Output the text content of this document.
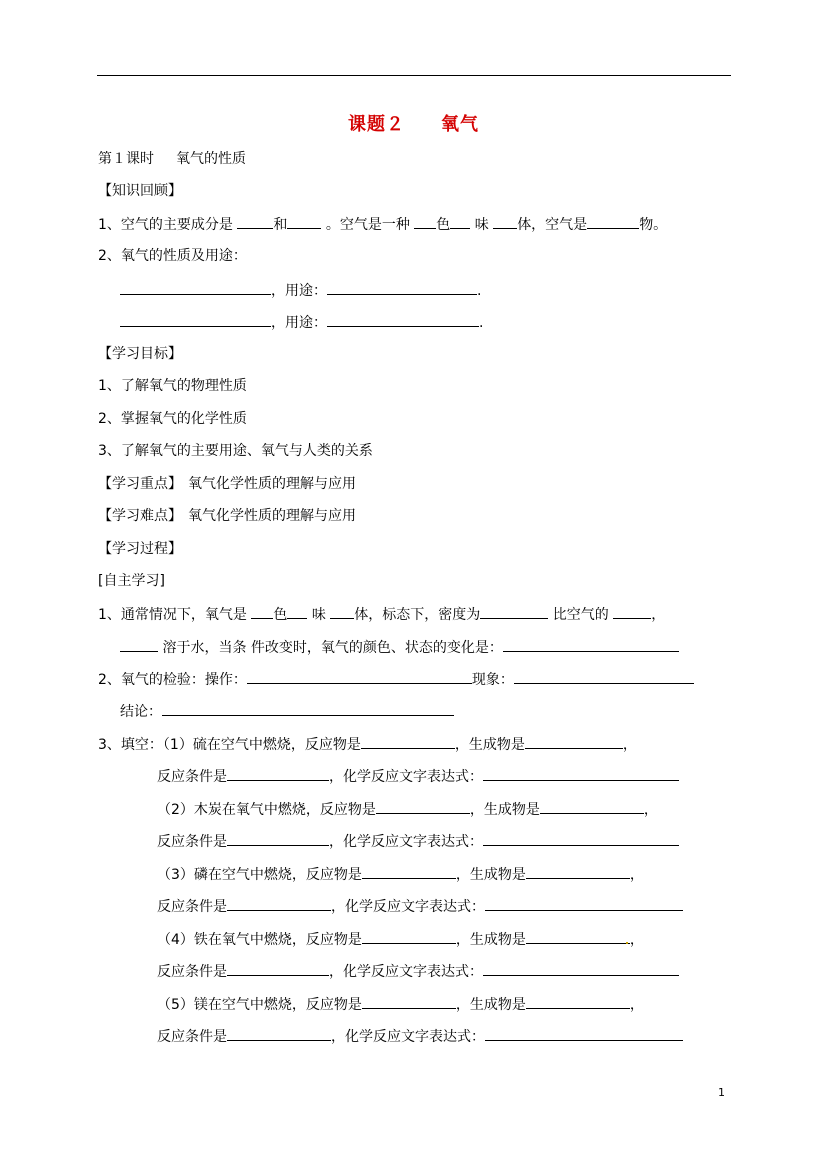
课题２ 氧气
第１课时 氧气的性质
【知识回顾】
1、空气的主要成分是	和	。空气是一种 色 味 体，空气是	物。
2、氧气的性质及用途：
，用途：	.
，用途：	.
【学习目标】
1、了解氧气的物理性质
2、掌握氧气的化学性质
3、了解氧气的主要用途、氧气与人类的关系
【学习重点】 氧气化学性质的理解与应用
【学习难点】 氧气化学性质的理解与应用
【学习过程】
[自主学习]
1、通常情况下，氧气是 色 味 体，标态下，密度为	比空气的	，
溶于水，当条 件改变时，氧气的颜色、状态的变化是：
2、氧气的检验：操作：	现象：
结论：
3、填空：（1）硫在空气中燃烧，反应物是	，生成物是	，
反应条件是	，化学反应文字表达式：
（2）木炭在氧气中燃烧，反应物是	，生成物是	，
反应条件是	，化学反应文字表达式：
（3）磷在空气中燃烧，反应物是	，生成物是	，
反应条件是	，化学反应文字表达式：
（4）铁在氧气中燃烧，反应物是	，生成物是	，
反应条件是	，化学反应文字表达式：
（5）镁在空气中燃烧，反应物是	，生成物是	，
反应条件是	，化学反应文字表达式：
1
